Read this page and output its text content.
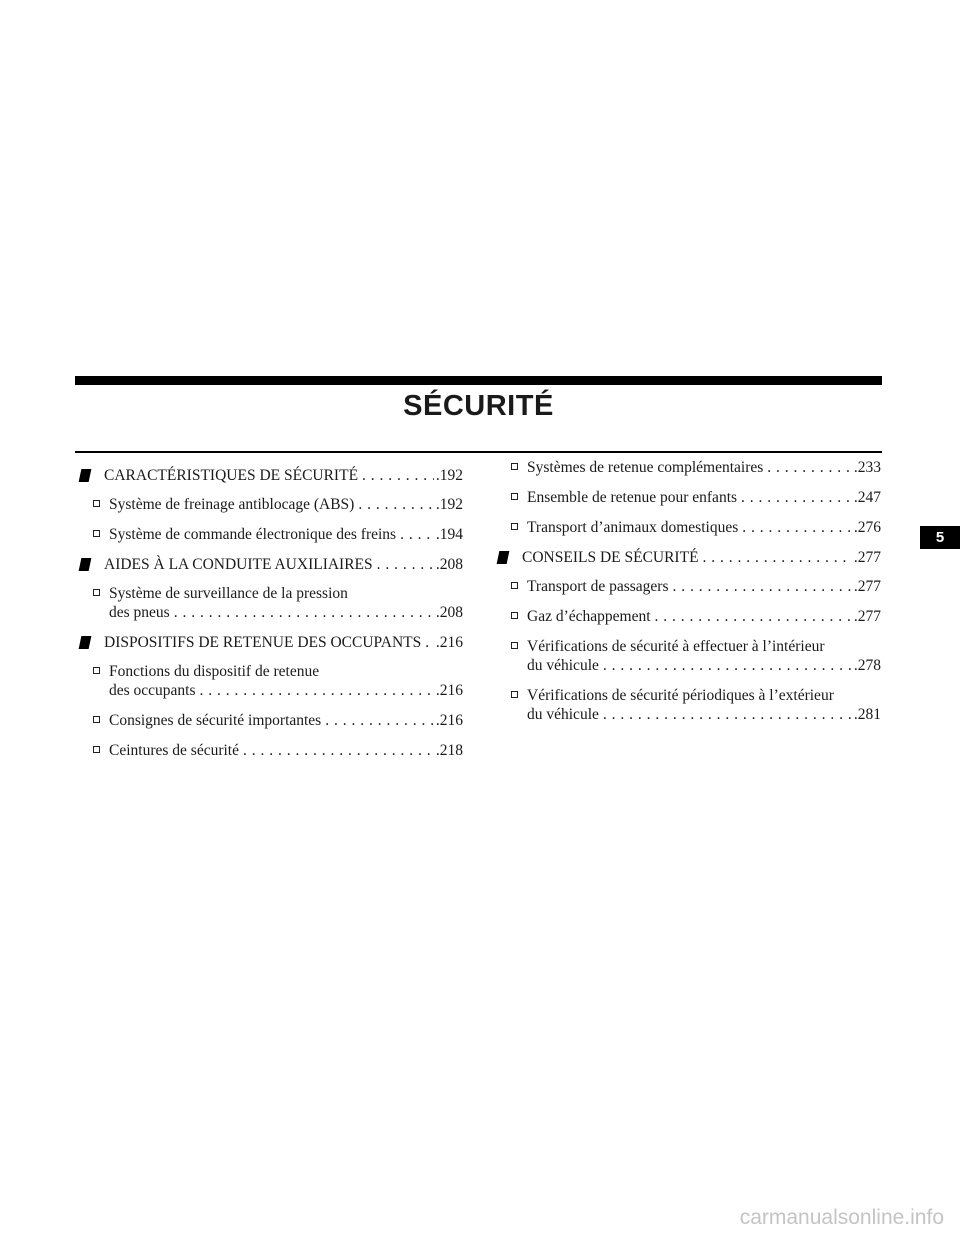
SÉCURITÉ
CARACTÉRISTIQUES DE SÉCURITÉ . . .	.192
Système de freinage antiblocage (ABS) . . .	.192
Système de commande électronique des freins . . .	.194
AIDES À LA CONDUITE AUXILIAIRES . . .	.208
Système de surveillance de la pression
des pneus . . .	.208
DISPOSITIFS DE RETENUE DES OCCUPANTS . . . .216
Fonctions du dispositif de retenue
des occupants . . .	.216
Consignes de sécurité importantes . . .	.216
Ceintures de sécurité . . .	.218
Systèmes de retenue complémentaires . . .	.233
Ensemble de retenue pour enfants . . .	.247
Transport d’animaux domestiques . . .	.276
CONSEILS DE SÉCURITÉ . . .	.277
Transport de passagers . . .	.277
Gaz d’échappement . . .	.277
Vérifications de sécurité à effectuer à l’intérieur
du véhicule . . .	.278
Vérifications de sécurité périodiques à l’extérieur
du véhicule . . .	.281
5
carmanualsonline.info
